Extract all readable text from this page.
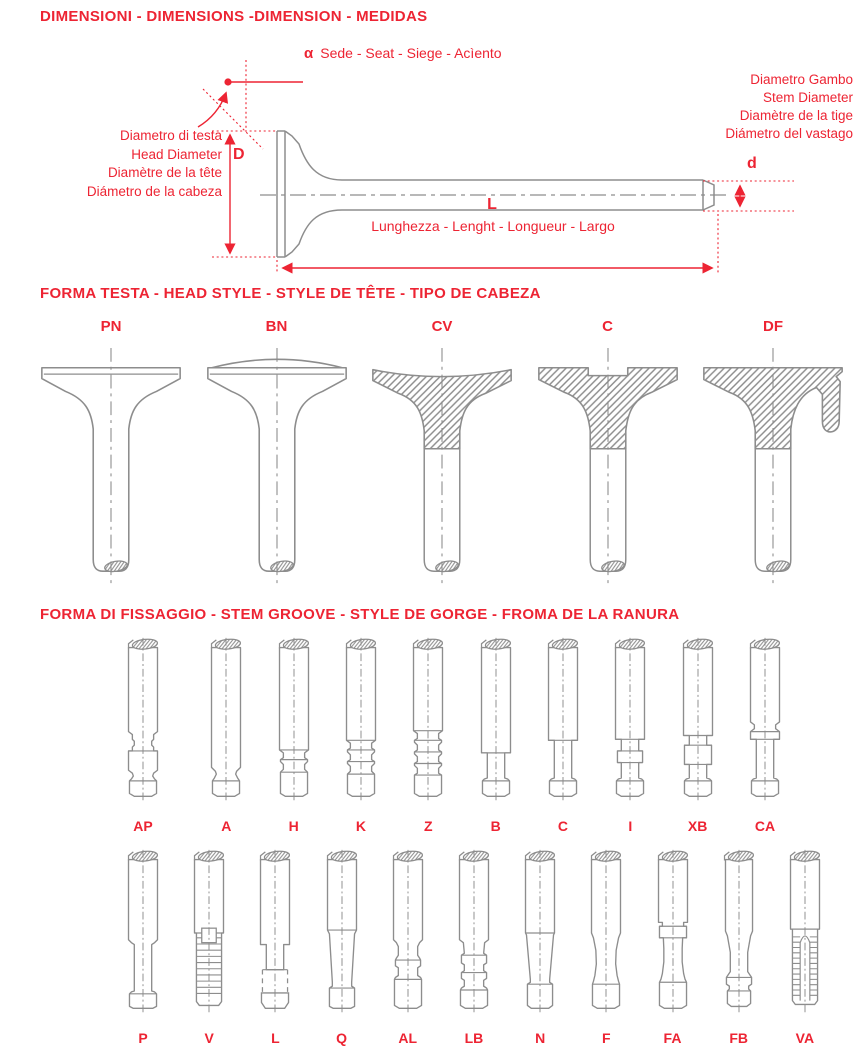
DIMENSIONI - DIMENSIONS -DIMENSION - MEDIDAS
α Sede - Seat - Siege - Acìento
Diametro di testa
Head Diameter
Diamètre de la tête
Diámetro de la cabeza
D
Diametro Gambo
Stem Diameter
Diamètre de la tige
Diámetro del vastago
d
L
Lunghezza - Lenght - Longueur - Largo
FORMA TESTA - HEAD STYLE - STYLE DE TÊTE - TIPO DE CABEZA
PN	BN	CV	C	DF
FORMA DI FISSAGGIO - STEM GROOVE - STYLE DE GORGE - FROMA DE LA RANURA
AP	A	H	K	Z	B	C	I	XB	CA
P	V	L	Q	AL	LB	N	F	FA	FB	VA
